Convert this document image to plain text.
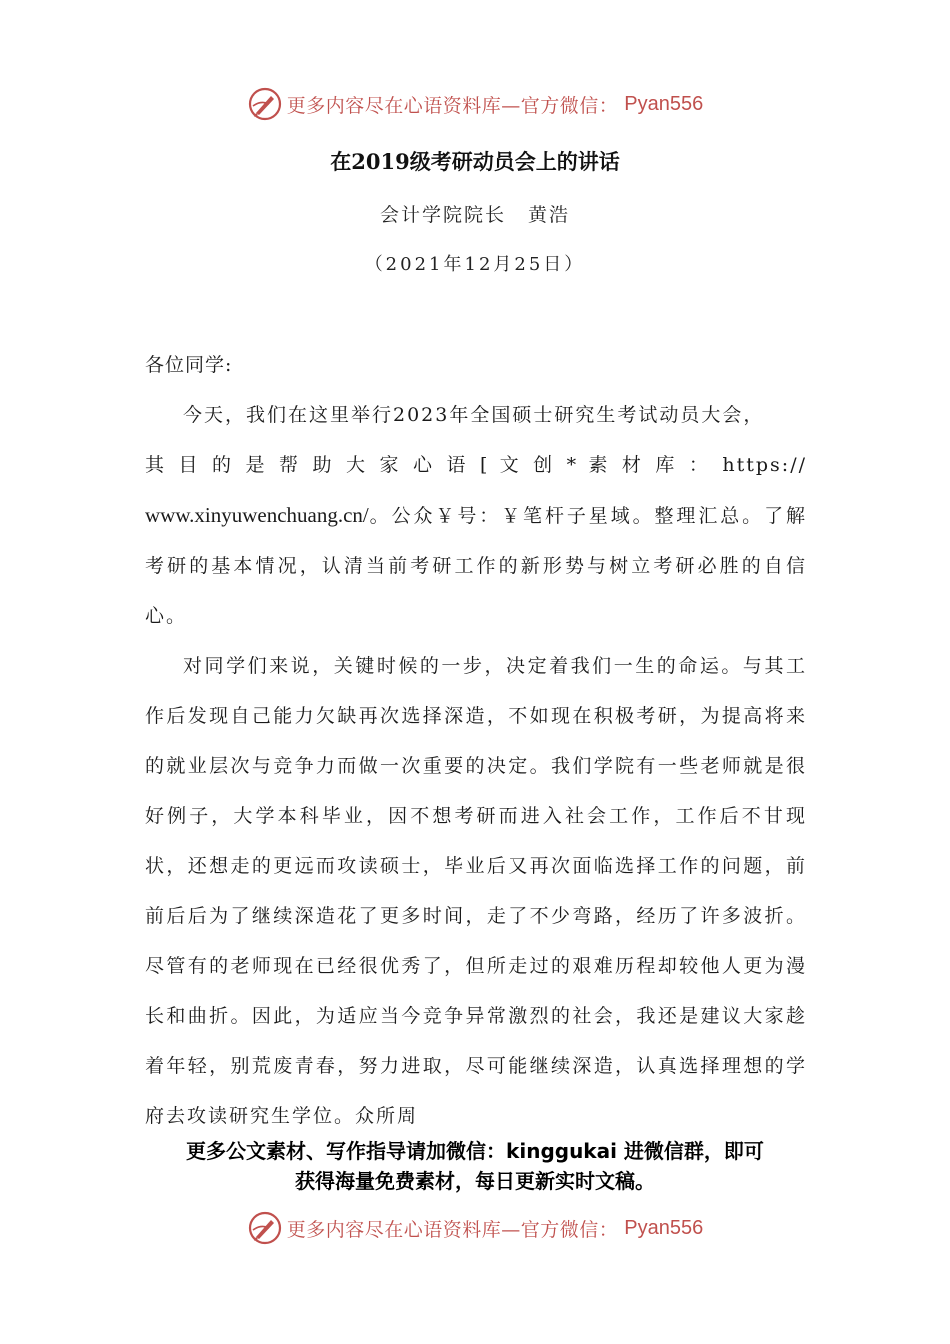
更多内容尽在心语资料库—官方微信： Pyan556
在2019级考研动员会上的讲话
会计学院院长 黄浩
（2021年12月25日）

各位同学:

今天，我们在这里举行2023年全国硕士研究生考试动员大会，
其 目 的 是 帮 助 大 家 心 语 [ 文 创 * 素 材 库 ： https://
www.xinyuwenchuang.cn/。公众￥号：￥笔杆子星域。整理汇总。了解考研的基本情况，认清当前考研工作的新形势与树立考研必胜的自信心。

对同学们来说，关键时候的一步，决定着我们一生的命运。与其工作后发现自己能力欠缺再次选择深造，不如现在积极考研，为提高将来的就业层次与竞争力而做一次重要的决定。我们学院有一些老师就是很好例子，大学本科毕业，因不想考研而进入社会工作，工作后不甘现状，还想走的更远而攻读硕士，毕业后又再次面临选择工作的问题，前前后后为了继续深造花了更多时间，走了不少弯路，经历了许多波折。尽管有的老师现在已经很优秀了，但所走过的艰难历程却较他人更为漫长和曲折。因此，为适应当今竞争异常激烈的社会，我还是建议大家趁着年轻，别荒废青春，努力进取，尽可能继续深造，认真选择理想的学府去攻读研究生学位。众所周

更多公文素材、写作指导请加微信：kinggukai 进微信群，即可
获得海量免费素材，每日更新实时文稿。
更多内容尽在心语资料库—官方微信： Pyan556
